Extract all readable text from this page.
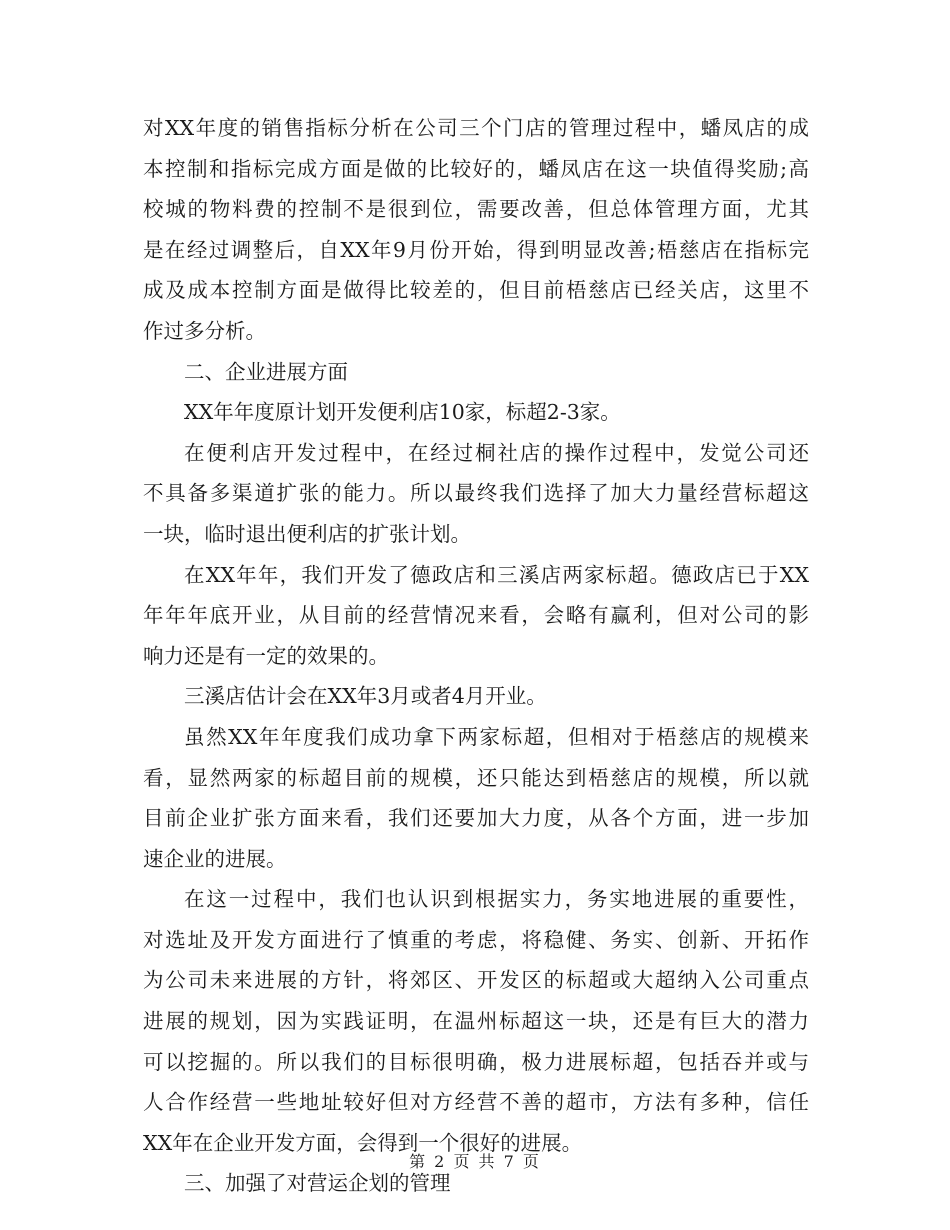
对XX年度的销售指标分析在公司三个门店的管理过程中，蟠凤店的成
本控制和指标完成方面是做的比较好的，蟠凤店在这一块值得奖励;高
校城的物料费的控制不是很到位，需要改善，但总体管理方面，尤其
是在经过调整后，自XX年9月份开始，得到明显改善;梧慈店在指标完
成及成本控制方面是做得比较差的，但目前梧慈店已经关店，这里不
作过多分析。
二、企业进展方面
XX年年度原计划开发便利店10家，标超2-3家。
在便利店开发过程中，在经过桐社店的操作过程中，发觉公司还
不具备多渠道扩张的能力。所以最终我们选择了加大力量经营标超这
一块，临时退出便利店的扩张计划。
在XX年年，我们开发了德政店和三溪店两家标超。德政店已于XX
年年年底开业，从目前的经营情况来看，会略有赢利，但对公司的影
响力还是有一定的效果的。
三溪店估计会在XX年3月或者4月开业。
虽然XX年年度我们成功拿下两家标超，但相对于梧慈店的规模来
看，显然两家的标超目前的规模，还只能达到梧慈店的规模，所以就
目前企业扩张方面来看，我们还要加大力度，从各个方面，进一步加
速企业的进展。
在这一过程中，我们也认识到根据实力，务实地进展的重要性，
对选址及开发方面进行了慎重的考虑，将稳健、务实、创新、开拓作
为公司未来进展的方针，将郊区、开发区的标超或大超纳入公司重点
进展的规划，因为实践证明，在温州标超这一块，还是有巨大的潜力
可以挖掘的。所以我们的目标很明确，极力进展标超，包括吞并或与
人合作经营一些地址较好但对方经营不善的超市，方法有多种，信任
XX年在企业开发方面，会得到一个很好的进展。
三、加强了对营运企划的管理
第 2 页 共 7 页
